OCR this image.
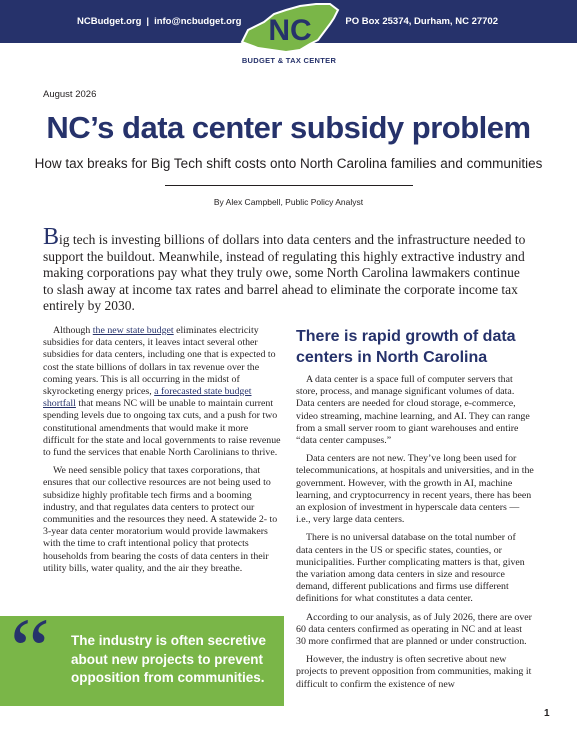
NCBudget.org | info@ncbudget.org	PO Box 25374, Durham, NC 27702
NC
BUDGET & TAX CENTER
August 2026
NC’s data center subsidy problem
How tax breaks for Big Tech shift costs onto North Carolina families and communities
By Alex Campbell, Public Policy Analyst
Big tech is investing billions of dollars into data centers and the infrastructure needed to support the buildout. Meanwhile, instead of regulating this highly extractive industry and making corporations pay what they truly owe, some North Carolina lawmakers continue to slash away at income tax rates and barrel ahead to eliminate the corporate income tax entirely by 2030.

Although the new state budget eliminates electricity subsidies for data centers, it leaves intact several other subsidies for data centers, including one that is expected to cost the state billions of dollars in tax revenue over the coming years. This is all occurring in the midst of skyrocketing energy prices, a forecasted state budget shortfall that means NC will be unable to maintain current spending levels due to ongoing tax cuts, and a push for two constitutional amendments that would make it more difficult for the state and local governments to raise revenue to fund the services that enable North Carolinians to thrive.

We need sensible policy that taxes corporations, that ensures that our collective resources are not being used to subsidize highly profitable tech firms and a booming industry, and that regulates data centers to protect our communities and the resources they need. A statewide 2- to 3-year data center moratorium would provide lawmakers with the time to craft intentional policy that protects households from bearing the costs of data centers in their utility bills, water quality, and the air they breathe.

“ The industry is often secretive about new projects to prevent opposition from communities.
There is rapid growth of data centers in North Carolina

A data center is a space full of computer servers that store, process, and manage significant volumes of data. Data centers are needed for cloud storage, e-commerce, video streaming, machine learning, and AI. They can range from a small server room to giant warehouses and entire “data center campuses.”

Data centers are not new. They’ve long been used for telecommunications, at hospitals and universities, and in the government. However, with the growth in AI, machine learning, and cryptocurrency in recent years, there has been an explosion of investment in hyperscale data centers — i.e., very large data centers.

There is no universal database on the total number of data centers in the US or specific states, counties, or municipalities. Further complicating matters is that, given the variation among data centers in size and resource demand, different publications and firms use different definitions for what constitutes a data center.

According to our analysis, as of July 2026, there are over 60 data centers confirmed as operating in NC and at least 30 more confirmed that are planned or under construction.

However, the industry is often secretive about new projects to prevent opposition from communities, making it difficult to confirm the existence of new

1
